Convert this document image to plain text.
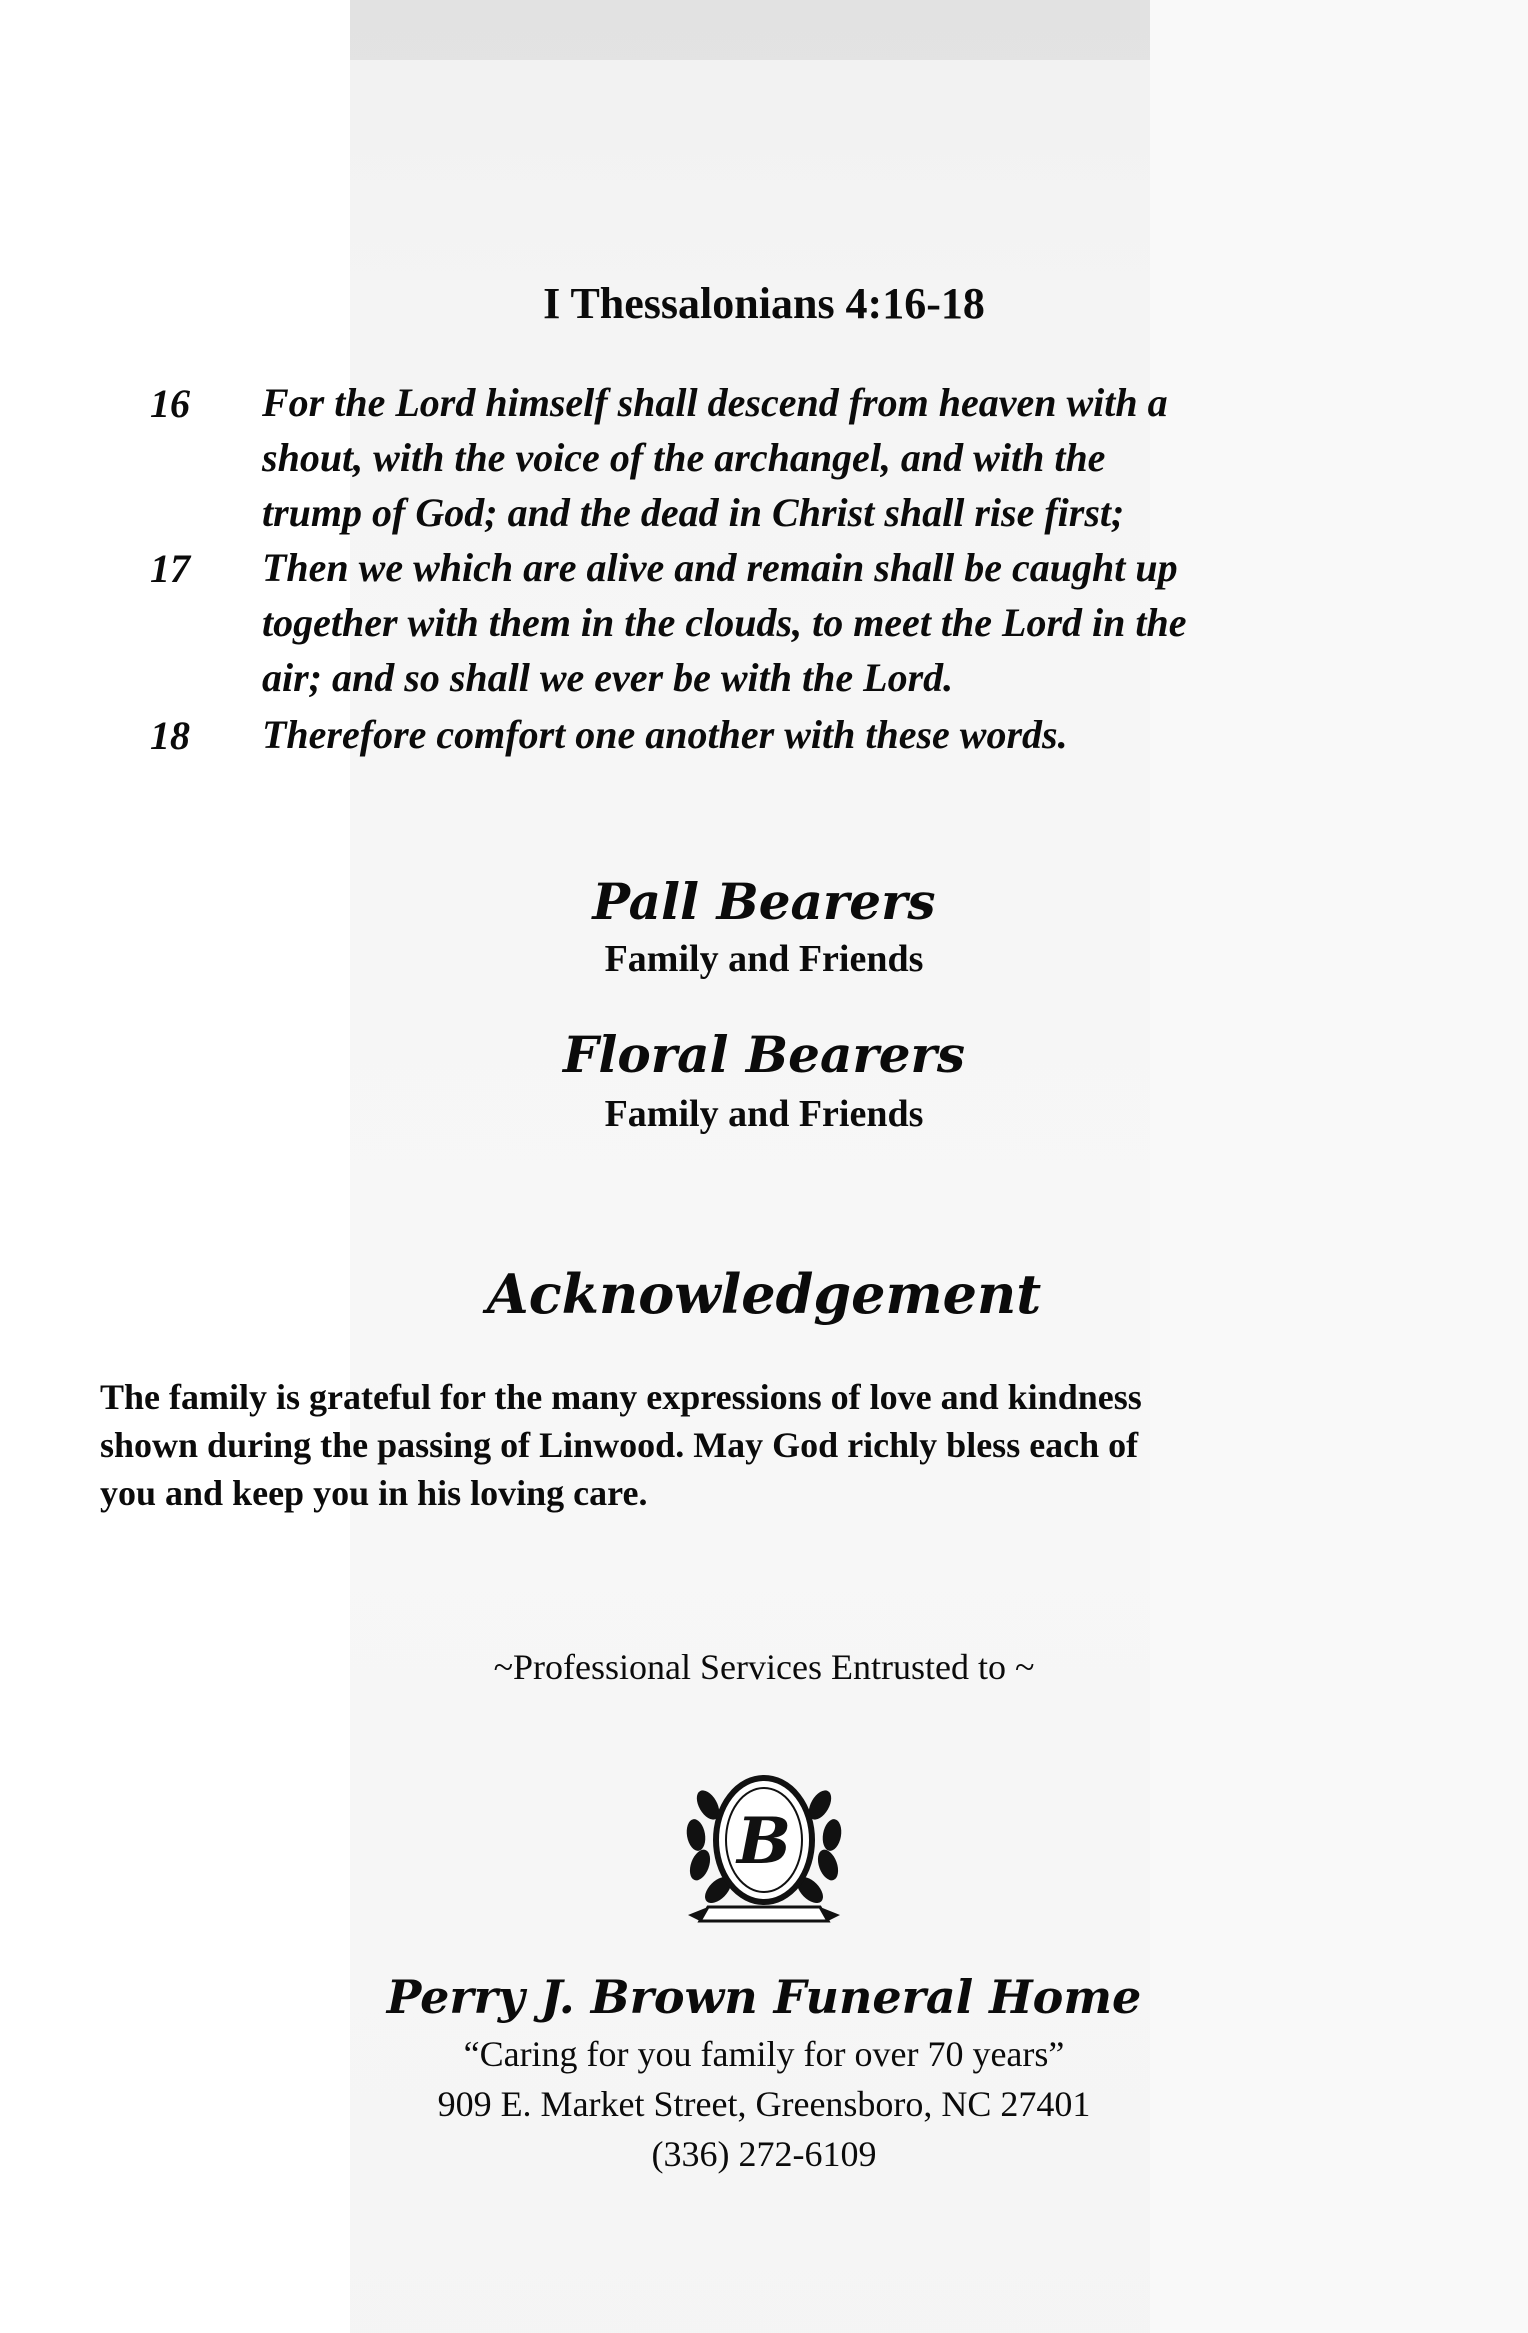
I Thessalonians 4:16-18
16	For the Lord himself shall descend from heaven with a
shout, with the voice of the archangel, and with the
trump of God; and the dead in Christ shall rise first;
17	Then we which are alive and remain shall be caught up
together with them in the clouds, to meet the Lord in the
air; and so shall we ever be with the Lord.
18	Therefore comfort one another with these words.
Pall Bearers
Family and Friends
Floral Bearers
Family and Friends
Acknowledgement
The family is grateful for the many expressions of love and kindness
shown during the passing of Linwood. May God richly bless each of
you and keep you in his loving care.
~Professional Services Entrusted to ~
B
Perry J. Brown Funeral Home
“Caring for you family for over 70 years”
909 E. Market Street, Greensboro, NC 27401
(336) 272-6109
